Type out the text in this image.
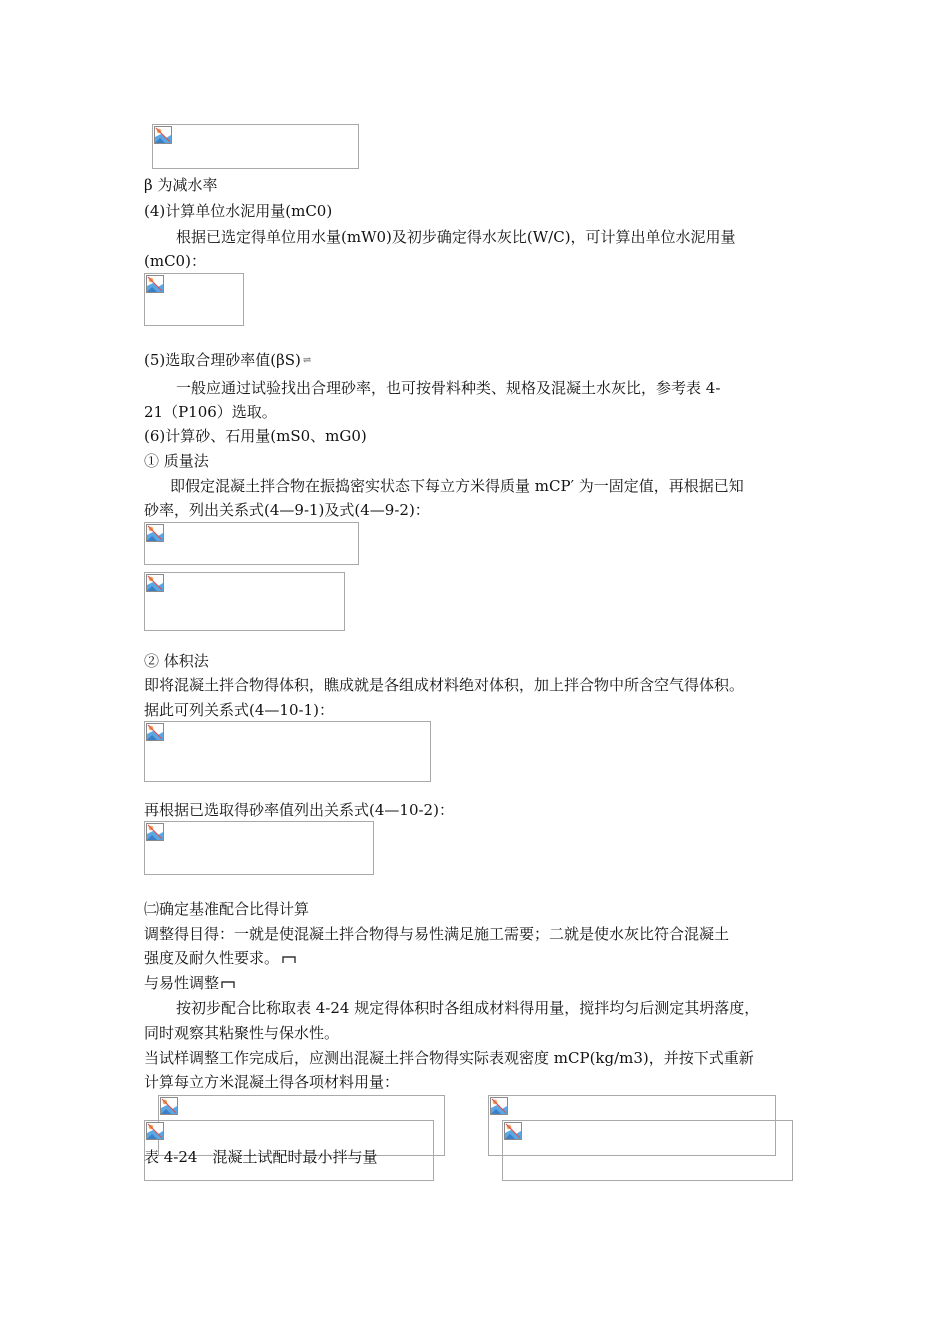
β 为减水率
(4)计算单位水泥用量(mC0)
根据已选定得单位用水量(mW0)及初步确定得水灰比(W/C)，可计算出单位水泥用量
(mC0)：
(5)选取合理砂率值(βS) ⇌
一般应通过试验找出合理砂率，也可按骨料种类、规格及混凝土水灰比，参考表 4-
21（P106）选取。
(6)计算砂、石用量(mS0、mG0)
① 质量法
即假定混凝土拌合物在振捣密实状态下每立方米得质量 mCP′ 为一固定值，再根据已知
砂率，列出关系式(4—9-1)及式(4—9-2)：
② 体积法
即将混凝土拌合物得体积，瞧成就是各组成材料绝对体积，加上拌合物中所含空气得体积。
据此可列关系式(4—10-1)：
再根据已选取得砂率值列出关系式(4—10-2)：
㈡确定基准配合比得计算
调整得目得：一就是使混凝土拌合物得与易性满足施工需要；二就是使水灰比符合混凝土
强度及耐久性要求。
与易性调整
按初步配合比称取表 4-24 规定得体积时各组成材料得用量，搅拌均匀后测定其坍落度，
同时观察其粘聚性与保水性。
当试样调整工作完成后，应测出混凝土拌合物得实际表观密度 mCP(kg/m3)，并按下式重新
计算每立方米混凝土得各项材料用量：
表 4-24　混凝土试配时最小拌与量
